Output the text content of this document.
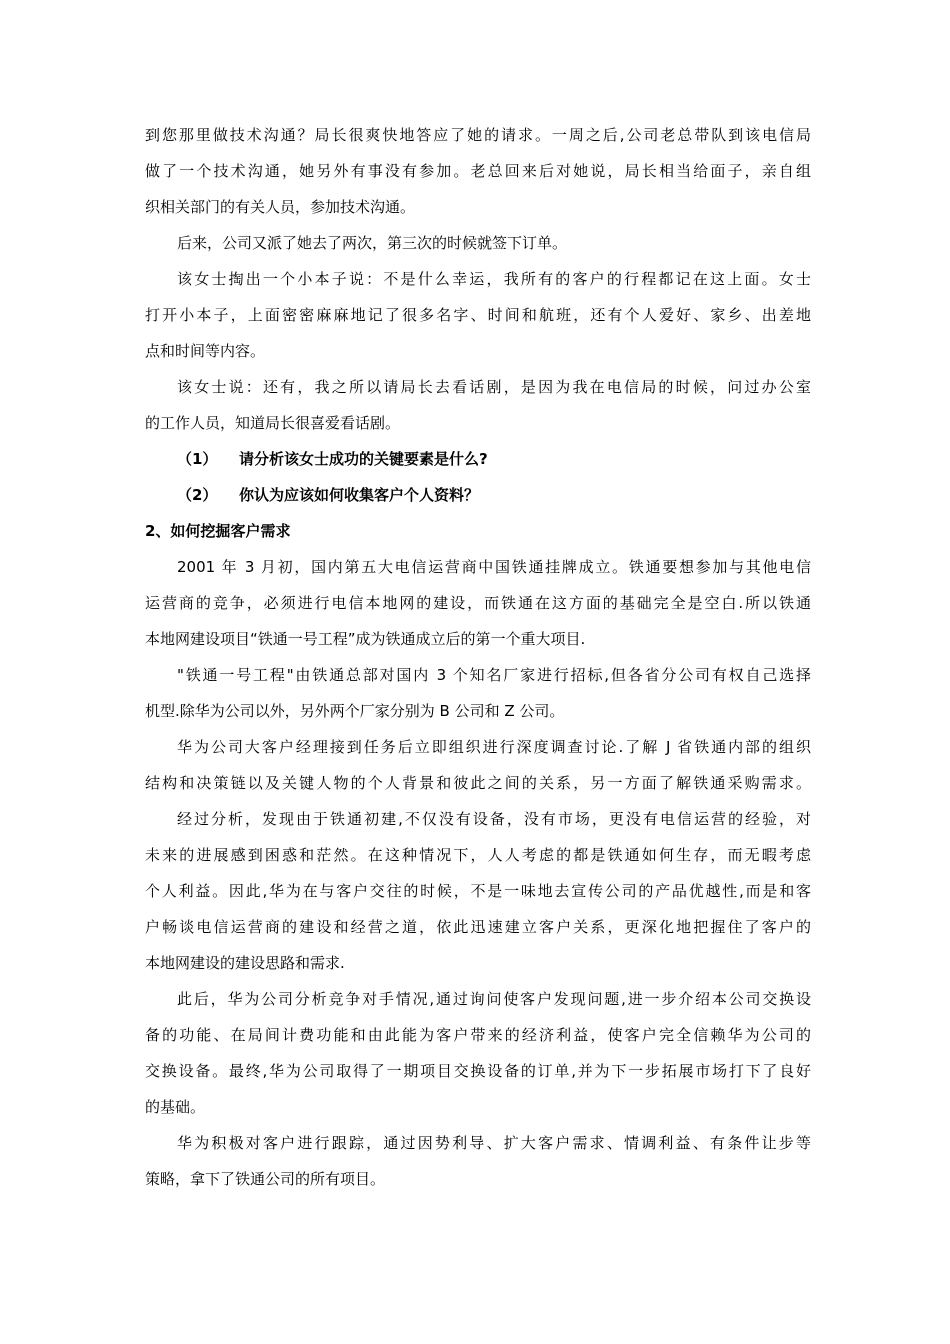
到您那里做技术沟通？局长很爽快地答应了她的请求。一周之后,公司老总带队到该电信局
做了一个技术沟通，她另外有事没有参加。老总回来后对她说，局长相当给面子，亲自组
织相关部门的有关人员，参加技术沟通。
后来，公司又派了她去了两次，第三次的时候就签下订单。
该女士掏出一个小本子说：不是什么幸运，我所有的客户的行程都记在这上面。女士
打开小本子，上面密密麻麻地记了很多名字、时间和航班，还有个人爱好、家乡、出差地
点和时间等内容。
该女士说：还有，我之所以请局长去看话剧，是因为我在电信局的时候，问过办公室
的工作人员，知道局长很喜爱看话剧。
（1） 请分析该女士成功的关键要素是什么?
（2） 你认为应该如何收集客户个人资料？
2、如何挖掘客户需求
2001 年 3 月初，国内第五大电信运营商中国铁通挂牌成立。铁通要想参加与其他电信
运营商的竞争，必须进行电信本地网的建设，而铁通在这方面的基础完全是空白.所以铁通
本地网建设项目“铁通一号工程”成为铁通成立后的第一个重大项目.
"铁通一号工程"由铁通总部对国内 3 个知名厂家进行招标,但各省分公司有权自己选择
机型.除华为公司以外，另外两个厂家分别为 B 公司和 Z 公司。
华为公司大客户经理接到任务后立即组织进行深度调查讨论.了解 J 省铁通内部的组织
结构和决策链以及关键人物的个人背景和彼此之间的关系，另一方面了解铁通采购需求。
经过分析，发现由于铁通初建,不仅没有设备，没有市场，更没有电信运营的经验，对
未来的进展感到困惑和茫然。在这种情况下，人人考虑的都是铁通如何生存，而无暇考虑
个人利益。因此,华为在与客户交往的时候，不是一味地去宣传公司的产品优越性,而是和客
户畅谈电信运营商的建设和经营之道，依此迅速建立客户关系，更深化地把握住了客户的
本地网建设的建设思路和需求.
此后，华为公司分析竞争对手情况,通过询问使客户发现问题,进一步介绍本公司交换设
备的功能、在局间计费功能和由此能为客户带来的经济利益，使客户完全信赖华为公司的
交换设备。最终,华为公司取得了一期项目交换设备的订单,并为下一步拓展市场打下了良好
的基础。
华为积极对客户进行跟踪，通过因势利导、扩大客户需求、情调利益、有条件让步等
策略，拿下了铁通公司的所有项目。
